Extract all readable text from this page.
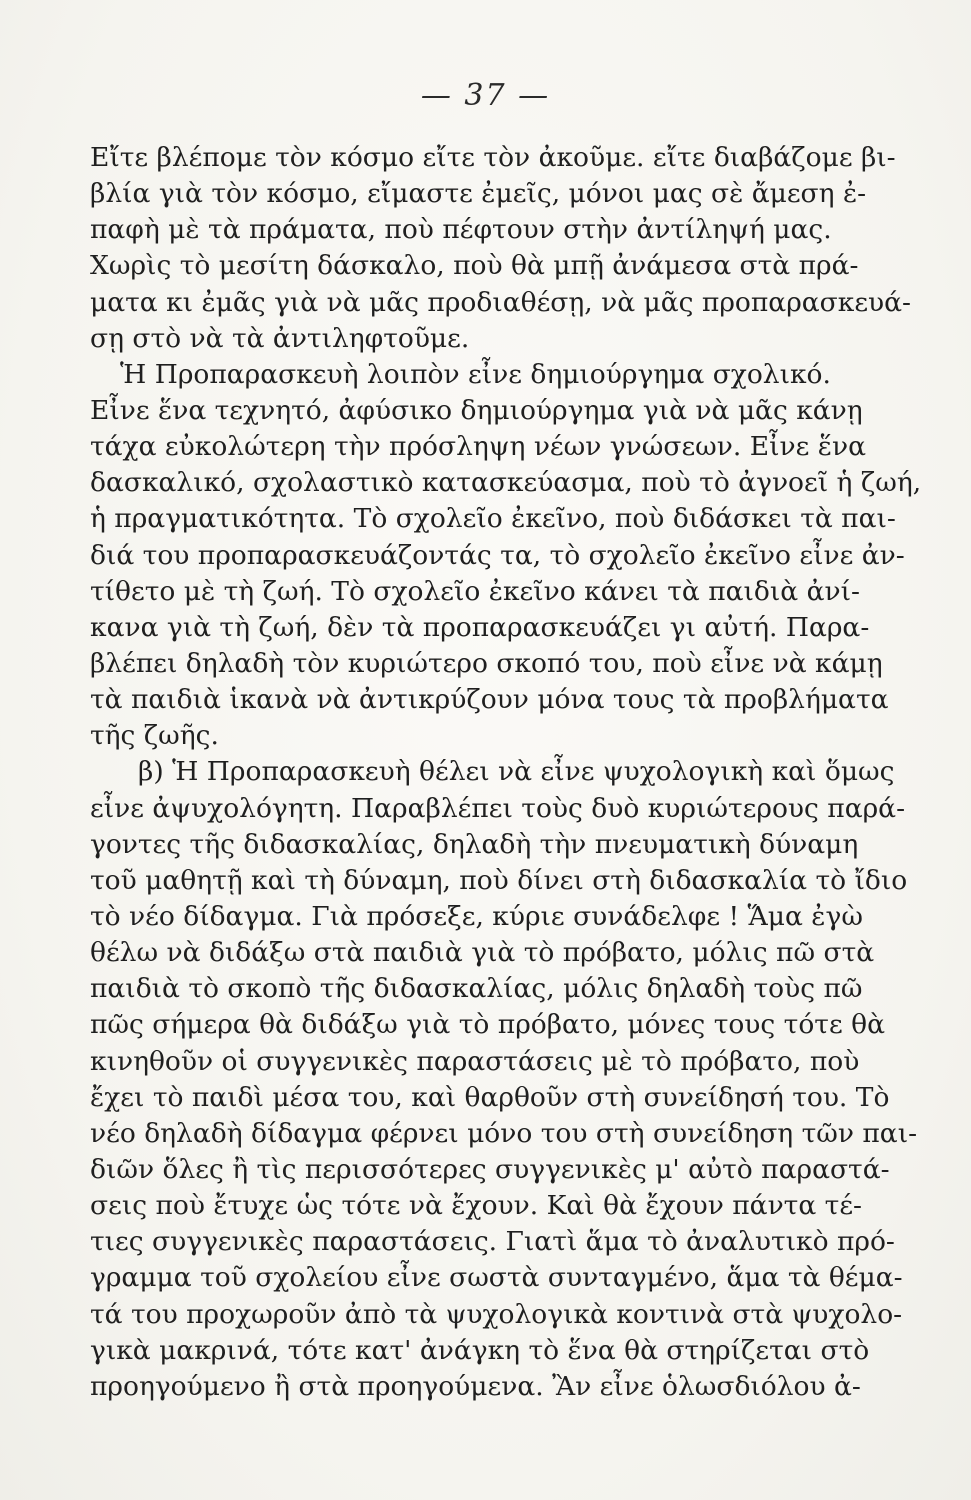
— 37 —
Εἴτε βλέπομε τὸν κόσμο εἴτε τὸν ἀκοῦμε. εἴτε διαβάζομε βι-
βλία γιὰ τὸν κόσμο, εἴμαστε ἐμεῖς, μόνοι μας σὲ ἄμεση ἐ-
παφὴ μὲ τὰ πράματα, ποὺ πέφτουν στὴν ἀντίληψή μας.
Χωρὶς τὸ μεσίτη δάσκαλο, ποὺ θὰ μπῇ ἀνάμεσα στὰ πρά-
ματα κι ἐμᾶς γιὰ νὰ μᾶς προδιαθέσῃ, νὰ μᾶς προπαρασκευά-
σῃ στὸ νὰ τὰ ἀντιληφτοῦμε.
Ἡ Προπαρασκευὴ λοιπὸν εἶνε δημιούργημα σχολικό.
Εἶνε ἕνα τεχνητό, ἀφύσικο δημιούργημα γιὰ νὰ μᾶς κάνῃ
τάχα εὐκολώτερη τὴν πρόσληψη νέων γνώσεων. Εἶνε ἕνα
δασκαλικό, σχολαστικὸ κατασκεύασμα, ποὺ τὸ ἀγνοεῖ ἡ ζωή,
ἡ πραγματικότητα. Τὸ σχολεῖο ἐκεῖνο, ποὺ διδάσκει τὰ παι-
διά του προπαρασκευάζοντάς τα, τὸ σχολεῖο ἐκεῖνο εἶνε ἀν-
τίθετο μὲ τὴ ζωή. Τὸ σχολεῖο ἐκεῖνο κάνει τὰ παιδιὰ ἀνί-
κανα γιὰ τὴ ζωή, δὲν τὰ προπαρασκευάζει γι αὐτή. Παρα-
βλέπει δηλαδὴ τὸν κυριώτερο σκοπό του, ποὺ εἶνε νὰ κάμῃ
τὰ παιδιὰ ἱκανὰ νὰ ἀντικρύζουν μόνα τους τὰ προβλήματα
τῆς ζωῆς.
β) Ἡ Προπαρασκευὴ θέλει νὰ εἶνε ψυχολογικὴ καὶ ὅμως
εἶνε ἀψυχολόγητη. Παραβλέπει τοὺς δυὸ κυριώτερους παρά-
γοντες τῆς διδασκαλίας, δηλαδὴ τὴν πνευματικὴ δύναμη
τοῦ μαθητῇ καὶ τὴ δύναμη, ποὺ δίνει στὴ διδασκαλία τὸ ἴδιο
τὸ νέο δίδαγμα. Γιὰ πρόσεξε, κύριε συνάδελφε ! Ἅμα ἐγὼ
θέλω νὰ διδάξω στὰ παιδιὰ γιὰ τὸ πρόβατο, μόλις πῶ στὰ
παιδιὰ τὸ σκοπὸ τῆς διδασκαλίας, μόλις δηλαδὴ τοὺς πῶ
πῶς σήμερα θὰ διδάξω γιὰ τὸ πρόβατο, μόνες τους τότε θὰ
κινηθοῦν οἱ συγγενικὲς παραστάσεις μὲ τὸ πρόβατο, ποὺ
ἔχει τὸ παιδὶ μέσα του, καὶ θαρθοῦν στὴ συνείδησή του. Τὸ
νέο δηλαδὴ δίδαγμα φέρνει μόνο του στὴ συνείδηση τῶν παι-
διῶν ὅλες ἢ τὶς περισσότερες συγγενικὲς μ' αὐτὸ παραστά-
σεις ποὺ ἔτυχε ὡς τότε νὰ ἔχουν. Καὶ θὰ ἔχουν πάντα τέ-
τιες συγγενικὲς παραστάσεις. Γιατὶ ἅμα τὸ ἀναλυτικὸ πρό-
γραμμα τοῦ σχολείου εἶνε σωστὰ συνταγμένο, ἅμα τὰ θέμα-
τά του προχωροῦν ἀπὸ τὰ ψυχολογικὰ κοντινὰ στὰ ψυχολο-
γικὰ μακρινά, τότε κατ' ἀνάγκη τὸ ἕνα θὰ στηρίζεται στὸ
προηγούμενο ἢ στὰ προηγούμενα. Ἂν εἶνε ὁλωσδιόλου ἀ-
